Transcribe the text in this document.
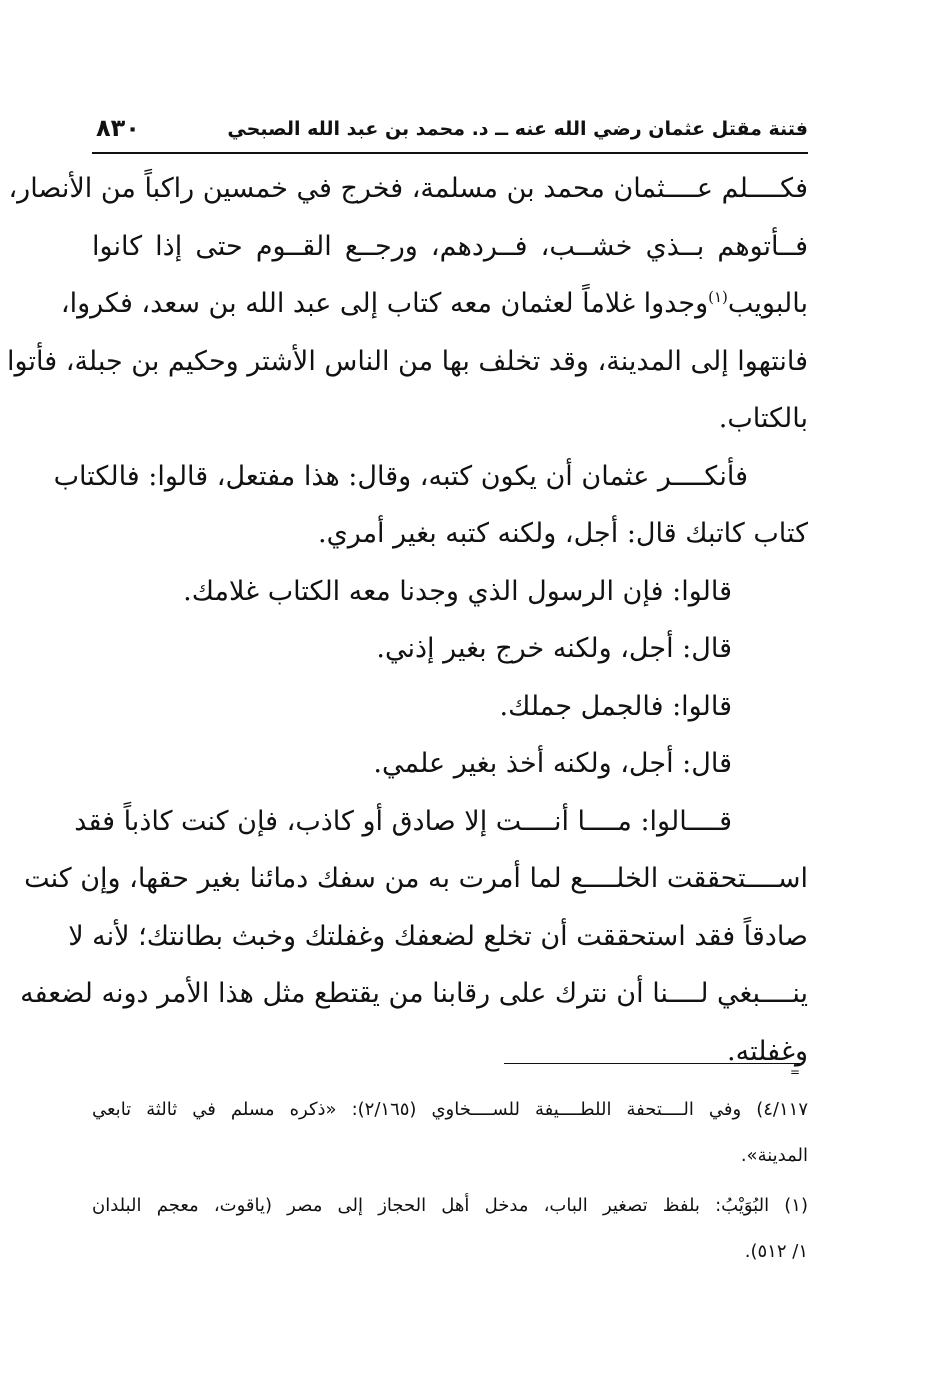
فتنة مقتل عثمان رضي الله عنه ــ د. محمد بن عبد الله الصبحي
٨٣٠
فكــــلم عــــثمان محمد بن مسلمة، فخرج في خمسين راكباً من الأنصار،
فــأتوهم بــذي خشــب، فــردهم، ورجــع القــوم حتى إذا كانوا
بالبويب$^{(١)}$وجدوا غلاماً لعثمان معه كتاب إلى عبد الله بن سعد، فكروا،
فانتهوا إلى المدينة، وقد تخلف بها من الناس الأشتر وحكيم بن جبلة، فأتوا
بالكتاب.
فأنكــــر عثمان أن يكون كتبه، وقال: هذا مفتعل، قالوا: فالكتاب
كتاب كاتبك قال: أجل، ولكنه كتبه بغير أمري.
قالوا: فإن الرسول الذي وجدنا معه الكتاب غلامك.
قال: أجل، ولكنه خرج بغير إذني.
قالوا: فالجمل جملك.
قال: أجل، ولكنه أخذ بغير علمي.
قــــالوا: مــــا أنــــت إلا صادق أو كاذب، فإن كنت كاذباً فقد
اســــتحققت الخلــــع لما أمرت به من سفك دمائنا بغير حقها، وإن كنت
صادقاً فقد استحققت أن تخلع لضعفك وغفلتك وخبث بطانتك؛ لأنه لا
ينــــبغي لــــنا أن نترك على رقابنا من يقتطع مثل هذا الأمر دونه لضعفه
وغفلته.
=
٤/١١٧) وفي الــــتحفة اللطــــيفة للســــخاوي (٢/١٦٥): «ذكره مسلم في ثالثة تابعي
المدينة».
(١) البُوَيْبُ: بلفظ تصغير الباب، مدخل أهل الحجاز إلى مصر (ياقوت، معجم البلدان
١/ ٥١٢).
